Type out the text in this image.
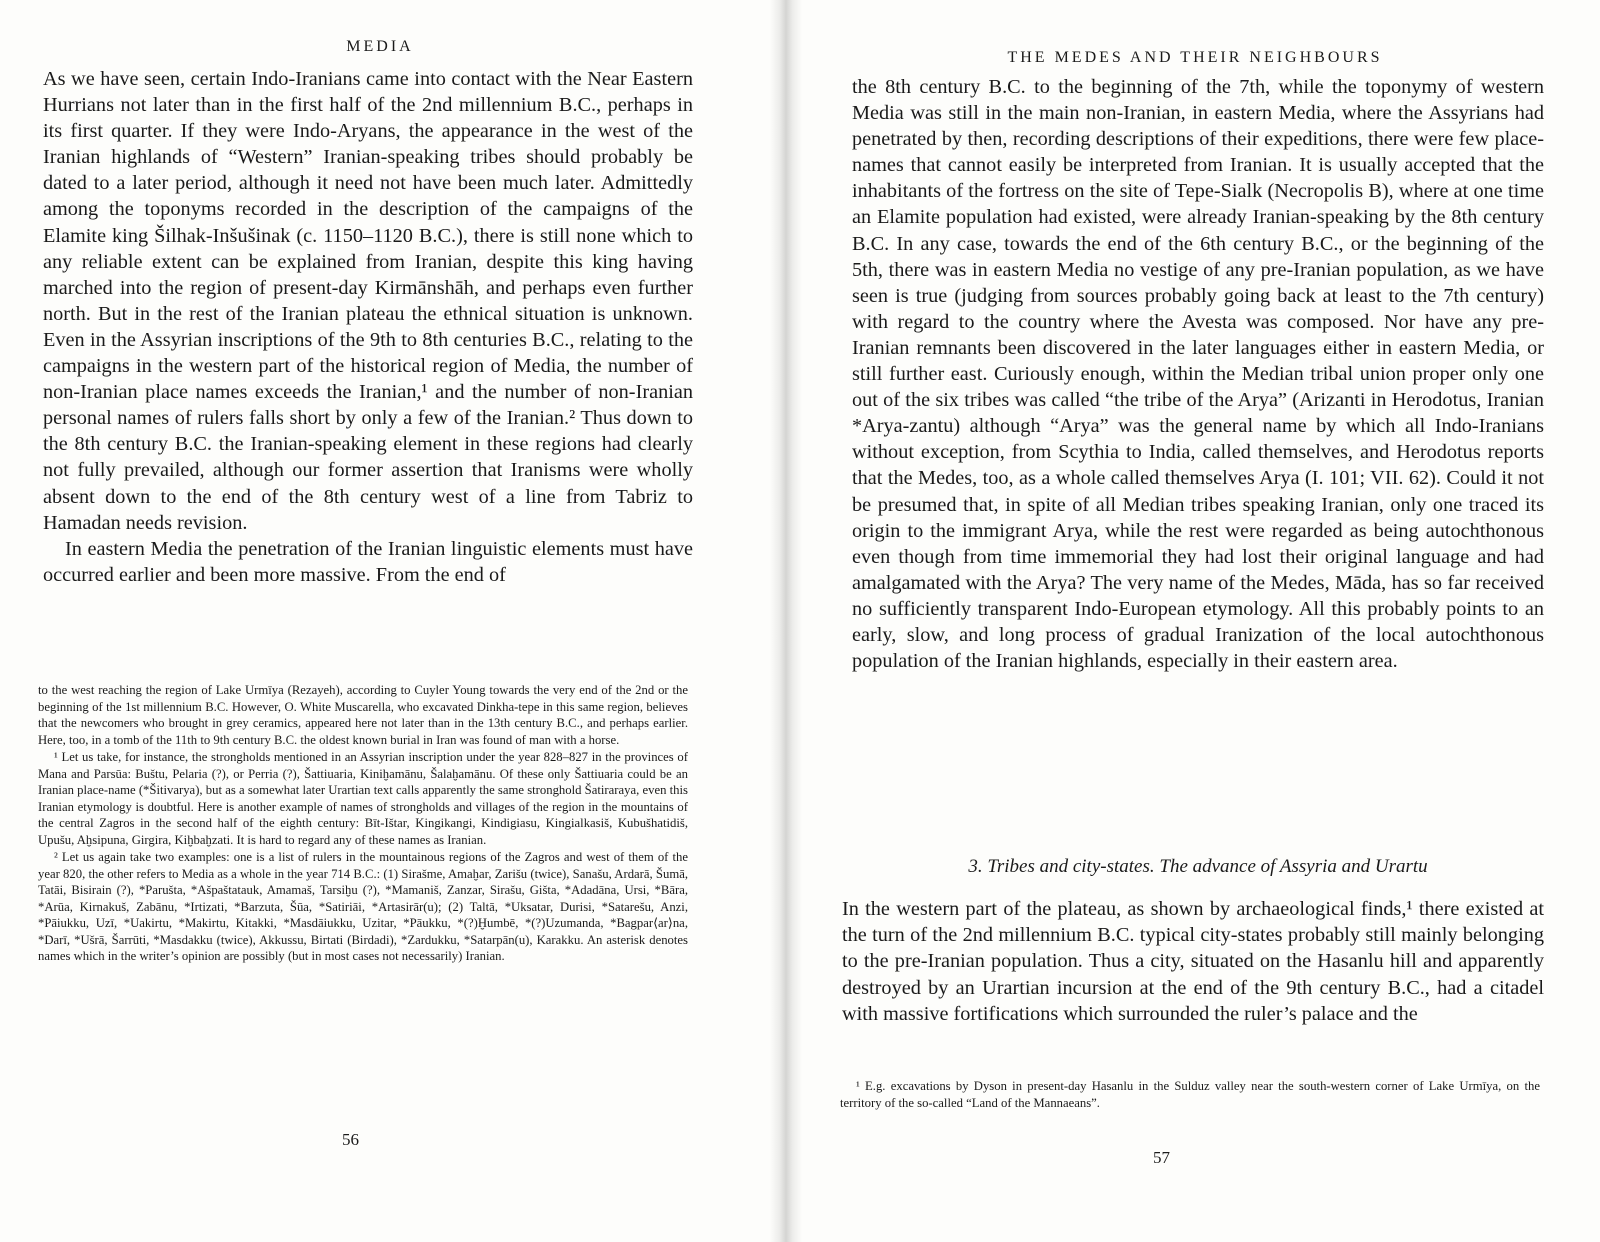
MEDIA

As we have seen, certain Indo-Iranians came into contact with the Near Eastern Hurrians not later than in the first half of the 2nd millennium B.C., perhaps in its first quarter. If they were Indo-Aryans, the appearance in the west of the Iranian highlands of “Western” Iranian-speaking tribes should probably be dated to a later period, although it need not have been much later. Admittedly among the toponyms recorded in the description of the campaigns of the Elamite king Šilhak-Inšušinak (c. 1150–1120 B.C.), there is still none which to any reliable extent can be explained from Iranian, despite this king having marched into the region of present-day Kirmānshāh, and perhaps even further north. But in the rest of the Iranian plateau the ethnical situation is unknown. Even in the Assyrian inscriptions of the 9th to 8th centuries B.C., relating to the campaigns in the western part of the historical region of Media, the number of non-Iranian place names exceeds the Iranian,¹ and the number of non-Iranian personal names of rulers falls short by only a few of the Iranian.² Thus down to the 8th century B.C. the Iranian-speaking element in these regions had clearly not fully prevailed, although our former assertion that Iranisms were wholly absent down to the end of the 8th century west of a line from Tabriz to Hamadan needs revision.

In eastern Media the penetration of the Iranian linguistic elements must have occurred earlier and been more massive. From the end of

to the west reaching the region of Lake Urmīya (Rezayeh), according to Cuyler Young towards the very end of the 2nd or the beginning of the 1st millennium B.C. However, O. White Muscarella, who excavated Dinkha-tepe in this same region, believes that the newcomers who brought in grey ceramics, appeared here not later than in the 13th century B.C., and perhaps earlier. Here, too, in a tomb of the 11th to 9th century B.C. the oldest known burial in Iran was found of man with a horse.

¹ Let us take, for instance, the strongholds mentioned in an Assyrian inscription under the year 828–827 in the provinces of Mana and Parsūa: Buštu, Pelaria (?), or Perria (?), Šattiuaria, Kiniḫamānu, Šalaḫamānu. Of these only Šattiuaria could be an Iranian place-name (*Šitivarya), but as a somewhat later Urartian text calls apparently the same stronghold Šatiraraya, even this Iranian etymology is doubtful. Here is another example of names of strongholds and villages of the region in the mountains of the central Zagros in the second half of the eighth century: Bīt-Ištar, Kingikangi, Kindigiasu, Kingialkasiš, Kubušhatidiš, Upušu, Aḫsipuna, Girgira, Kiḫbaḫzati. It is hard to regard any of these names as Iranian.

² Let us again take two examples: one is a list of rulers in the mountainous regions of the Zagros and west of them of the year 820, the other refers to Media as a whole in the year 714 B.C.: (1) Sirašme, Amaḫar, Zarišu (twice), Sanašu, Ardarā, Šumā, Tatāi, Bisirain (?), *Parušta, *Ašpaštatauk, Amamaš, Tarsiḫu (?), *Mamaniš, Zanzar, Sirašu, Gišta, *Adadāna, Ursi, *Bāra, *Arūa, Kirnakuš, Zabānu, *Irtizati, *Barzuta, Šūa, *Satiriāi, *Artasirār(u); (2) Taltā, *Uksatar, Durisi, *Satarešu, Anzi, *Pāiukku, Uzī, *Uakirtu, *Makirtu, Kitakki, *Masdāiukku, Uzitar, *Pāukku, *(?)Ḫumbē, *(?)Uzumanda, *Bagpar⟨ar⟩na, *Darī, *Ušrā, Šarrūti, *Masdakku (twice), Akkussu, Birtati (Birdadi), *Zardukku, *Satarpān(u), Karakku. An asterisk denotes names which in the writer’s opinion are possibly (but in most cases not necessarily) Iranian.

56
THE MEDES AND THEIR NEIGHBOURS

the 8th century B.C. to the beginning of the 7th, while the toponymy of western Media was still in the main non-Iranian, in eastern Media, where the Assyrians had penetrated by then, recording descriptions of their expeditions, there were few place-names that cannot easily be interpreted from Iranian. It is usually accepted that the inhabitants of the fortress on the site of Tepe-Sialk (Necropolis B), where at one time an Elamite population had existed, were already Iranian-speaking by the 8th century B.C. In any case, towards the end of the 6th century B.C., or the beginning of the 5th, there was in eastern Media no vestige of any pre-Iranian population, as we have seen is true (judging from sources probably going back at least to the 7th century) with regard to the country where the Avesta was composed. Nor have any pre-Iranian remnants been discovered in the later languages either in eastern Media, or still further east. Curiously enough, within the Median tribal union proper only one out of the six tribes was called “the tribe of the Arya” (Arizanti in Herodotus, Iranian *Arya-zantu) although “Arya” was the general name by which all Indo-Iranians without exception, from Scythia to India, called themselves, and Herodotus reports that the Medes, too, as a whole called themselves Arya (I. 101; VII. 62). Could it not be presumed that, in spite of all Median tribes speaking Iranian, only one traced its origin to the immigrant Arya, while the rest were regarded as being autochthonous even though from time immemorial they had lost their original language and had amalgamated with the Arya? The very name of the Medes, Māda, has so far received no sufficiently transparent Indo-European etymology. All this probably points to an early, slow, and long process of gradual Iranization of the local autochthonous population of the Iranian highlands, especially in their eastern area.

3. Tribes and city-states. The advance of Assyria and Urartu

In the western part of the plateau, as shown by archaeological finds,¹ there existed at the turn of the 2nd millennium B.C. typical city-states probably still mainly belonging to the pre-Iranian population. Thus a city, situated on the Hasanlu hill and apparently destroyed by an Urartian incursion at the end of the 9th century B.C., had a citadel with massive fortifications which surrounded the ruler’s palace and the

¹ E.g. excavations by Dyson in present-day Hasanlu in the Sulduz valley near the south-western corner of Lake Urmīya, on the territory of the so-called “Land of the Mannaeans”.

57
